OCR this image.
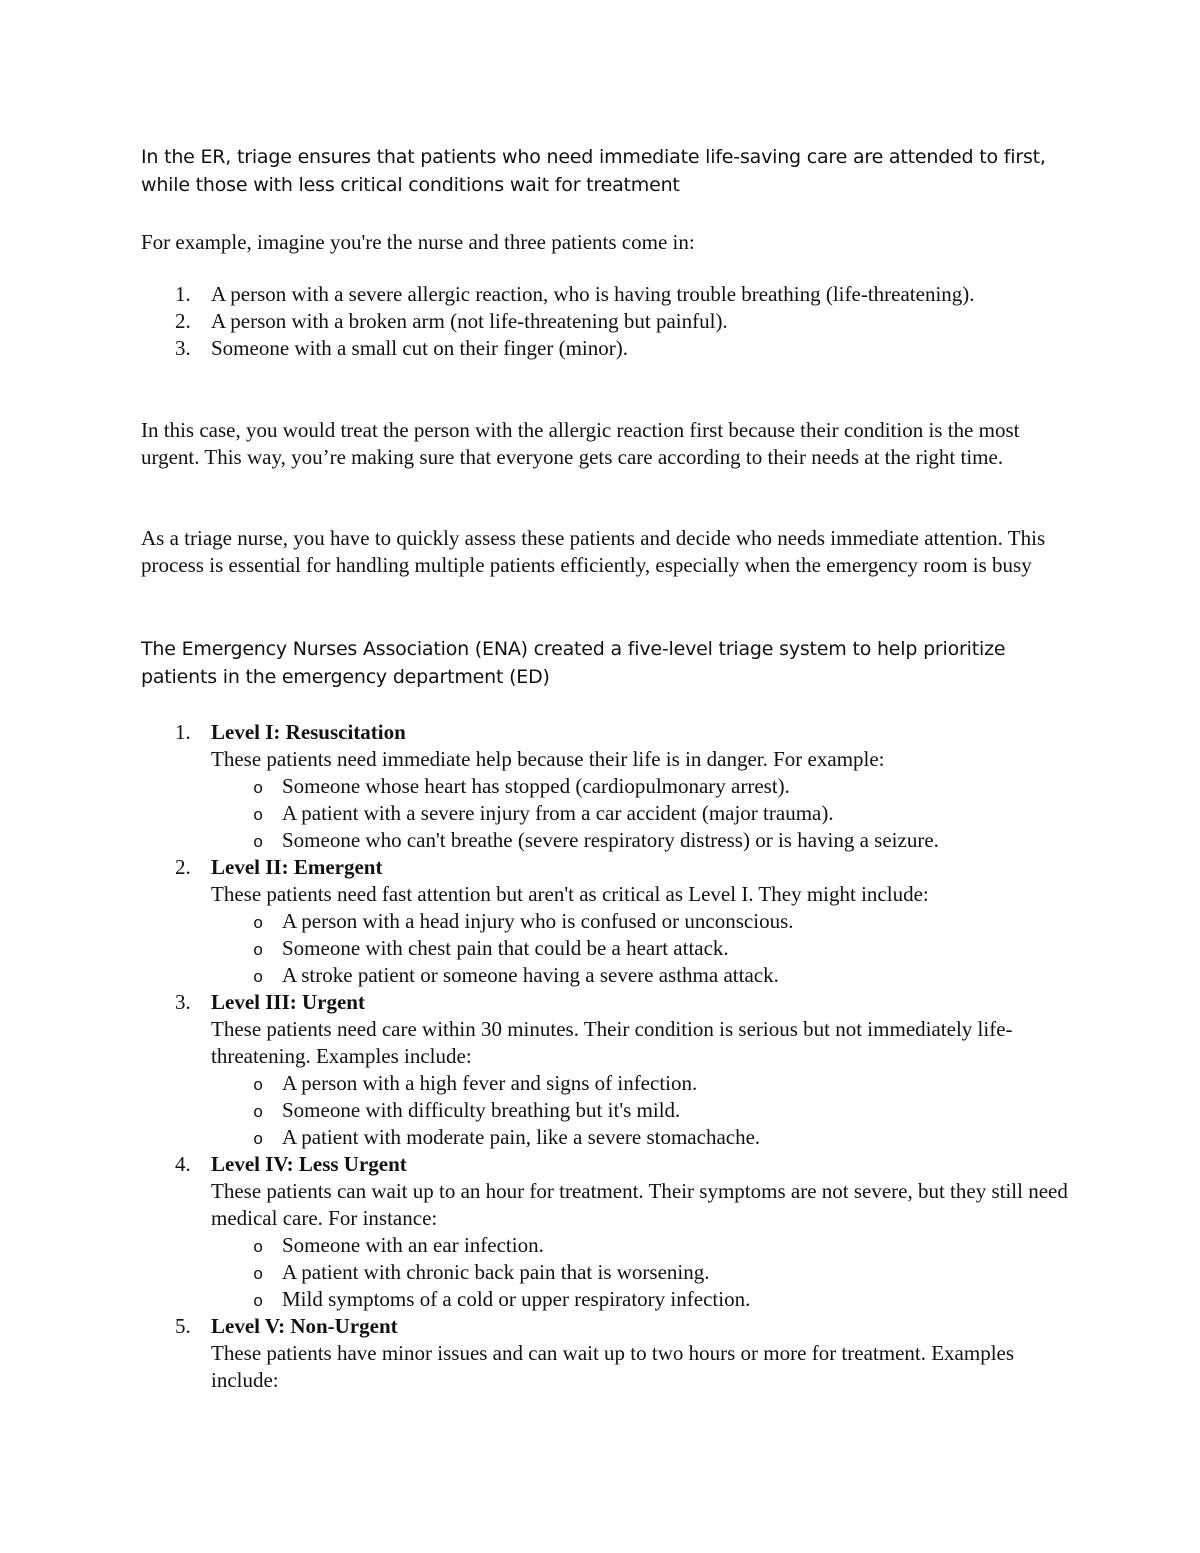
In the ER, triage ensures that patients who need immediate life-saving care are attended to first, while those with less critical conditions wait for treatment

For example, imagine you're the nurse and three patients come in:

1. A person with a severe allergic reaction, who is having trouble breathing (life-threatening).
2. A person with a broken arm (not life-threatening but painful).
3. Someone with a small cut on their finger (minor).

In this case, you would treat the person with the allergic reaction first because their condition is the most urgent. This way, you’re making sure that everyone gets care according to their needs at the right time.

As a triage nurse, you have to quickly assess these patients and decide who needs immediate attention. This process is essential for handling multiple patients efficiently, especially when the emergency room is busy

The Emergency Nurses Association (ENA) created a five-level triage system to help prioritize patients in the emergency department (ED)

1. Level I: Resuscitation
These patients need immediate help because their life is in danger. For example:
o Someone whose heart has stopped (cardiopulmonary arrest).
o A patient with a severe injury from a car accident (major trauma).
o Someone who can't breathe (severe respiratory distress) or is having a seizure.
2. Level II: Emergent
These patients need fast attention but aren't as critical as Level I. They might include:
o A person with a head injury who is confused or unconscious.
o Someone with chest pain that could be a heart attack.
o A stroke patient or someone having a severe asthma attack.
3. Level III: Urgent
These patients need care within 30 minutes. Their condition is serious but not immediately life-threatening. Examples include:
o A person with a high fever and signs of infection.
o Someone with difficulty breathing but it's mild.
o A patient with moderate pain, like a severe stomachache.
4. Level IV: Less Urgent
These patients can wait up to an hour for treatment. Their symptoms are not severe, but they still need medical care. For instance:
o Someone with an ear infection.
o A patient with chronic back pain that is worsening.
o Mild symptoms of a cold or upper respiratory infection.
5. Level V: Non-Urgent
These patients have minor issues and can wait up to two hours or more for treatment. Examples include:
